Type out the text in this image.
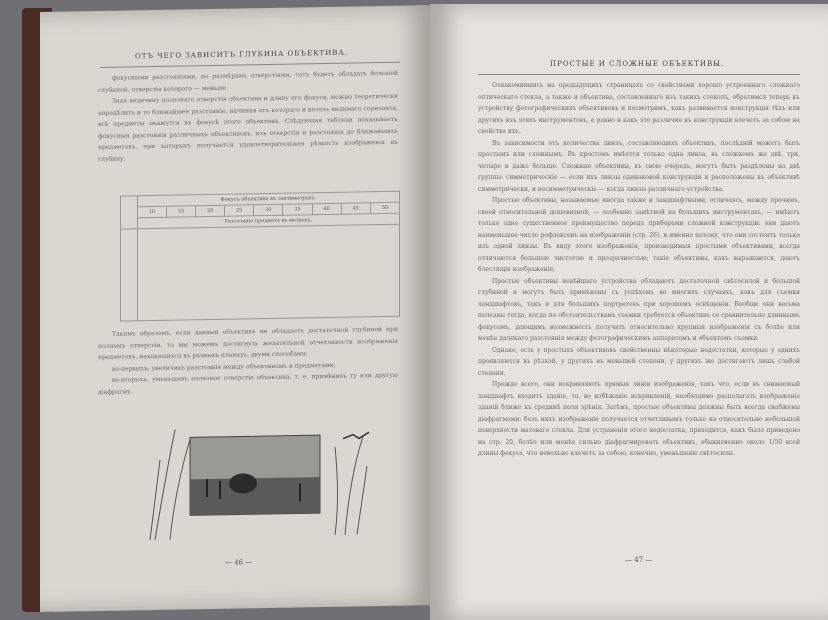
ОТЪ ЧЕГО ЗАВИСИТЪ ГЛУБИНА ОБЪЕКТИВА.

фокусными разстояніями, по размѣрамъ отверстіями, тотъ будетъ обладать большей глубиной, отверстія которого — меньше.

Зная величину полезнаго отверстія объектива и длину его фокуса, можно теоретически опредѣлить и то ближайшее разстояніе, начиная отъ котораго и вплоть видимаго горизонта, всѣ предметы окажутся въ фокусѣ этого объектива. Слѣдующая таблица показываетъ фокусныя разстоянія различныхъ объективовъ, изъ отверстія и разстоянія до ближайшихъ предметовъ, при которыхъ получается удовлетворительная рѣзкость изображенія въ глубину.

	Фокусъ объектива въ сантиметрахъ.								
	10	15	20	25	30	35	40	45	50
	Разстояніе предмета въ метрахъ.								

Такимъ образомъ, если данный объективъ не обладаетъ достаточной глубиной при полномъ отверстіи, то мы можемъ достигнуть желательной отчетливости изображенія предметовъ, находящихся въ разныхъ планахъ, двумя способами:

во-первыхъ, увеличивъ разстояніе между объективомъ и предметами;

во-вторыхъ, уменьшивъ полезное отверстіе объектива, т. е. примѣнивъ ту или другую діафрагму.

— 46 —
ПРОСТЫЕ И СЛОЖНЫЕ ОБЪЕКТИВЫ.

Ознакомившись на предыдущихъ страницахъ со свойствами хорошо устроеннаго сложнаго оптическаго стекла, а также и объектива, составленнаго изъ такихъ стеколъ, обратимся теперь къ устройству фотографическихъ объективовъ и посмотримъ, какъ развивается конструкція тѣхъ или другихъ изъ этихъ инструментовъ, а равно и какъ это различие въ конструкціи влечетъ за собою на свойства ихъ.

Въ зависимости отъ количества линзъ, составляющихъ объективъ, послѣдній можетъ быть простымъ или сложнымъ. Въ простомъ имѣется только одна линза, въ сложномъ же двѣ, три, четыре и даже больше. Сложные объективы, въ свою очередь, могутъ быть раздѣлены на двѣ группы: симметрическіе — если ихъ линзы одинаковой конструкціи и расположены въ объективѣ симметрически, и несимметрическіе — когда линзы различнаго устройства.

Простые объективы, называемые иногда также и ландшафтными, отличаясь, между прочимъ, своей относительной дешевизной, — особенно замѣтной на большихъ инструментахъ, — имѣютъ только одно существенное преимущество передъ приборами сложной конструкціи: они даютъ наименьшее число рефлексовъ на изображеніи (стр. 26), и именно потому, что они состоятъ только изъ одной линзы. Въ виду этого изображенія, производимыя простыми объективами, всегда отличаются большею чистотою и прозрачностью; такіе объективы, какъ выражаются, даютъ блестящія изображенія.

Простые объективы новѣйшаго устройства обладаютъ достаточной свѣтосилой и большой глубиной и могутъ быть примѣнены съ успѣхомъ во многихъ случаяхъ, какъ для съемки ландшафтовъ, такъ и для большихъ портретовъ при хорошемъ освѣщеніи. Вообще они весьма полезны тогда, когда по обстоятельствамъ съемки требуется объективъ со сравнительно длиннымъ фокусомъ, дающимъ возможность получить относительно крупныя изображенія съ болѣе или менѣе далекаго разстоянія между фотографическимъ аппаратомъ и объектомъ съемки.

Однако, есть у простыхъ объективовъ свойственны нѣкоторые недостатки, которые у однихъ проявляются въ рѣзкой, у другихъ въ меньшей степени, у другихъ же достигаютъ лишь слабой степени.

Прежде всего, они искривляютъ прямыя линіи изображенія, такъ что, если въ снимаемый ландшафтъ входитъ зданіе, то, во избѣжаніе искривленій, необходимо располагать изображеніе зданій ближе къ срединѣ поля зрѣнія. Затѣмъ, простые объективы должны быть всегда снабжены діафрагмами: безъ нихъ изображеніе получается отчетливымъ только на относительно небольшой поверхности матоваго стекла. Для устраненія этого недостатка, приходится, какъ было приведено на стр. 20, болѣе или менѣе сильно діафрагмировать объективъ, обыкновенно около 1/50 всей длины фокуса, что невольно влечетъ за собою, конечно, уменьшеніе свѣтосилы.

— 47 —
